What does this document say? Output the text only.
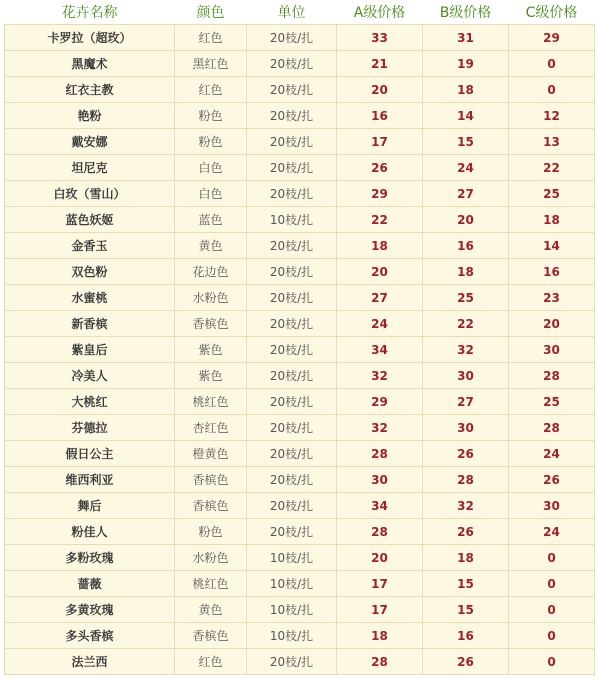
花卉名称	颜色	单位	A级价格	B级价格	C级价格
卡罗拉（超玫）	红色	20枝/扎	33	31	29
黑魔术	黑红色	20枝/扎	21	19	0
红衣主教	红色	20枝/扎	20	18	0
艳粉	粉色	20枝/扎	16	14	12
戴安娜	粉色	20枝/扎	17	15	13
坦尼克	白色	20枝/扎	26	24	22
白玫（雪山）	白色	20枝/扎	29	27	25
蓝色妖姬	蓝色	10枝/扎	22	20	18
金香玉	黄色	20枝/扎	18	16	14
双色粉	花边色	20枝/扎	20	18	16
水蜜桃	水粉色	20枝/扎	27	25	23
新香槟	香槟色	20枝/扎	24	22	20
紫皇后	紫色	20枝/扎	34	32	30
冷美人	紫色	20枝/扎	32	30	28
大桃红	桃红色	20枝/扎	29	27	25
芬德拉	杏红色	20枝/扎	32	30	28
假日公主	橙黄色	20枝/扎	28	26	24
维西利亚	香槟色	20枝/扎	30	28	26
舞后	香槟色	20枝/扎	34	32	30
粉佳人	粉色	20枝/扎	28	26	24
多粉玫瑰	水粉色	10枝/扎	20	18	0
蔷薇	桃红色	10枝/扎	17	15	0
多黄玫瑰	黄色	10枝/扎	17	15	0
多头香槟	香槟色	10枝/扎	18	16	0
法兰西	红色	20枝/扎	28	26	0
